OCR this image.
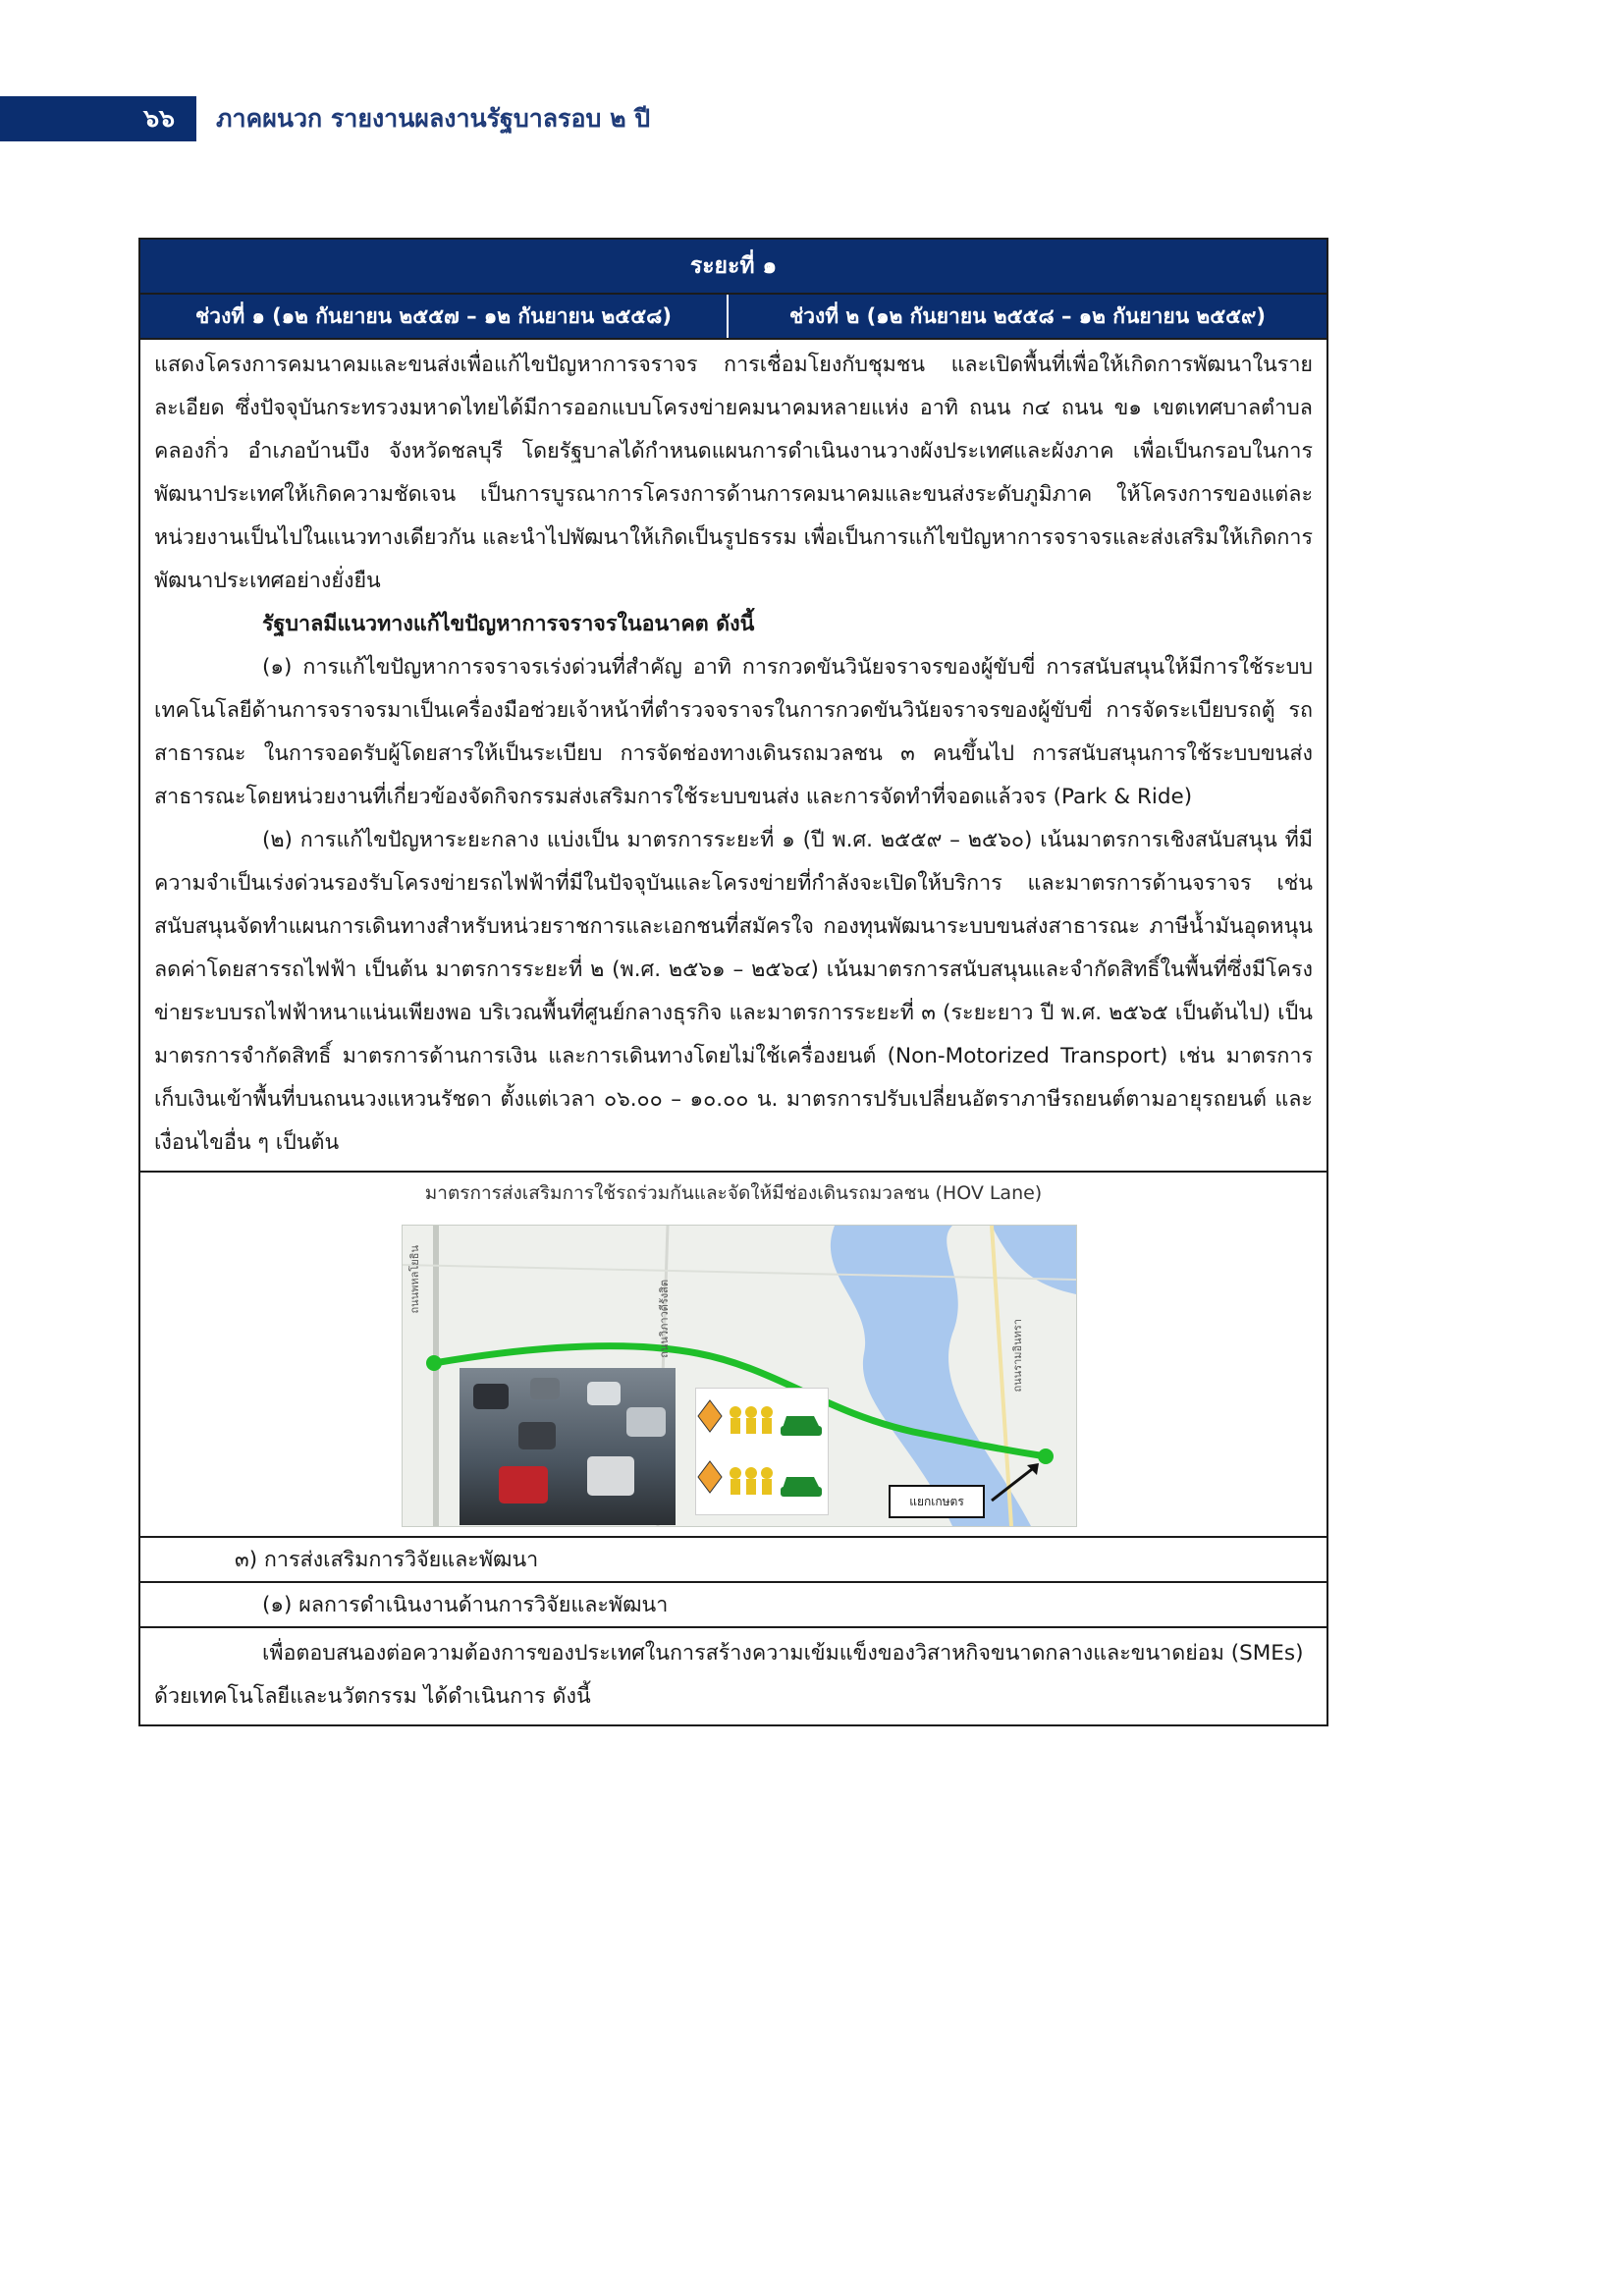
๖๖ ภาคผนวก รายงานผลงานรัฐบาลรอบ ๒ ปี
ระยะที่ ๑
ช่วงที่ ๑ (๑๒ กันยายน ๒๕๕๗ – ๑๒ กันยายน ๒๕๕๘)	ช่วงที่ ๒ (๑๒ กันยายน ๒๕๕๘ – ๑๒ กันยายน ๒๕๕๙)

แสดงโครงการคมนาคมและขนส่งเพื่อแก้ไขปัญหาการจราจร การเชื่อมโยงกับชุมชน และเปิดพื้นที่เพื่อให้เกิดการพัฒนาในรายละเอียด ซึ่งปัจจุบันกระทรวงมหาดไทยได้มีการออกแบบโครงข่ายคมนาคมหลายแห่ง อาทิ ถนน ก๔ ถนน ข๑ เขตเทศบาลตำบลคลองกิ่ว อำเภอบ้านบึง จังหวัดชลบุรี โดยรัฐบาลได้กำหนดแผนการดำเนินงานวางผังประเทศและผังภาค เพื่อเป็นกรอบในการพัฒนาประเทศให้เกิดความชัดเจน เป็นการบูรณาการโครงการด้านการคมนาคมและขนส่งระดับภูมิภาค ให้โครงการของแต่ละหน่วยงานเป็นไปในแนวทางเดียวกัน และนำไปพัฒนาให้เกิดเป็นรูปธรรม เพื่อเป็นการแก้ไขปัญหาการจราจรและส่งเสริมให้เกิดการพัฒนาประเทศอย่างยั่งยืน

รัฐบาลมีแนวทางแก้ไขปัญหาการจราจรในอนาคต ดังนี้

(๑) การแก้ไขปัญหาการจราจรเร่งด่วนที่สำคัญ อาทิ การกวดขันวินัยจราจรของผู้ขับขี่ การสนับสนุนให้มีการใช้ระบบเทคโนโลยีด้านการจราจรมาเป็นเครื่องมือช่วยเจ้าหน้าที่ตำรวจจราจรในการกวดขันวินัยจราจรของผู้ขับขี่ การจัดระเบียบรถตู้ รถสาธารณะ ในการจอดรับผู้โดยสารให้เป็นระเบียบ การจัดช่องทางเดินรถมวลชน ๓ คนขึ้นไป การสนับสนุนการใช้ระบบขนส่งสาธารณะโดยหน่วยงานที่เกี่ยวข้องจัดกิจกรรมส่งเสริมการใช้ระบบขนส่ง และการจัดทำที่จอดแล้วจร (Park & Ride)

(๒) การแก้ไขปัญหาระยะกลาง แบ่งเป็น มาตรการระยะที่ ๑ (ปี พ.ศ. ๒๕๕๙ – ๒๕๖๐) เน้นมาตรการเชิงสนับสนุน ที่มีความจำเป็นเร่งด่วนรองรับโครงข่ายรถไฟฟ้าที่มีในปัจจุบันและโครงข่ายที่กำลังจะเปิดให้บริการ และมาตรการด้านจราจร เช่น สนับสนุนจัดทำแผนการเดินทางสำหรับหน่วยราชการและเอกชนที่สมัครใจ กองทุนพัฒนาระบบขนส่งสาธารณะ ภาษีน้ำมันอุดหนุนลดค่าโดยสารรถไฟฟ้า เป็นต้น มาตรการระยะที่ ๒ (พ.ศ. ๒๕๖๑ – ๒๕๖๔) เน้นมาตรการสนับสนุนและจำกัดสิทธิ์ในพื้นที่ซึ่งมีโครงข่ายระบบรถไฟฟ้าหนาแน่นเพียงพอ บริเวณพื้นที่ศูนย์กลางธุรกิจ และมาตรการระยะที่ ๓ (ระยะยาว ปี พ.ศ. ๒๕๖๕ เป็นต้นไป) เป็นมาตรการจำกัดสิทธิ์ มาตรการด้านการเงิน และการเดินทางโดยไม่ใช้เครื่องยนต์ (Non-Motorized Transport) เช่น มาตรการเก็บเงินเข้าพื้นที่บนถนนวงแหวนรัชดา ตั้งแต่เวลา ๐๖.๐๐ – ๑๐.๐๐ น. มาตรการปรับเปลี่ยนอัตราภาษีรถยนต์ตามอายุรถยนต์ และเงื่อนไขอื่น ๆ เป็นต้น

มาตรการส่งเสริมการใช้รถร่วมกันและจัดให้มีช่องเดินรถมวลชน (HOV Lane)
ถนนพหลโยธิน
ถนนวิภาวดีรังสิต	ถนนรามอินทรา
แยกเกษตร
๓) การส่งเสริมการวิจัยและพัฒนา
(๑) ผลการดำเนินงานด้านการวิจัยและพัฒนา

เพื่อตอบสนองต่อความต้องการของประเทศในการสร้างความเข้มแข็งของวิสาหกิจขนาดกลางและขนาดย่อม (SMEs) ด้วยเทคโนโลยีและนวัตกรรม ได้ดำเนินการ ดังนี้
